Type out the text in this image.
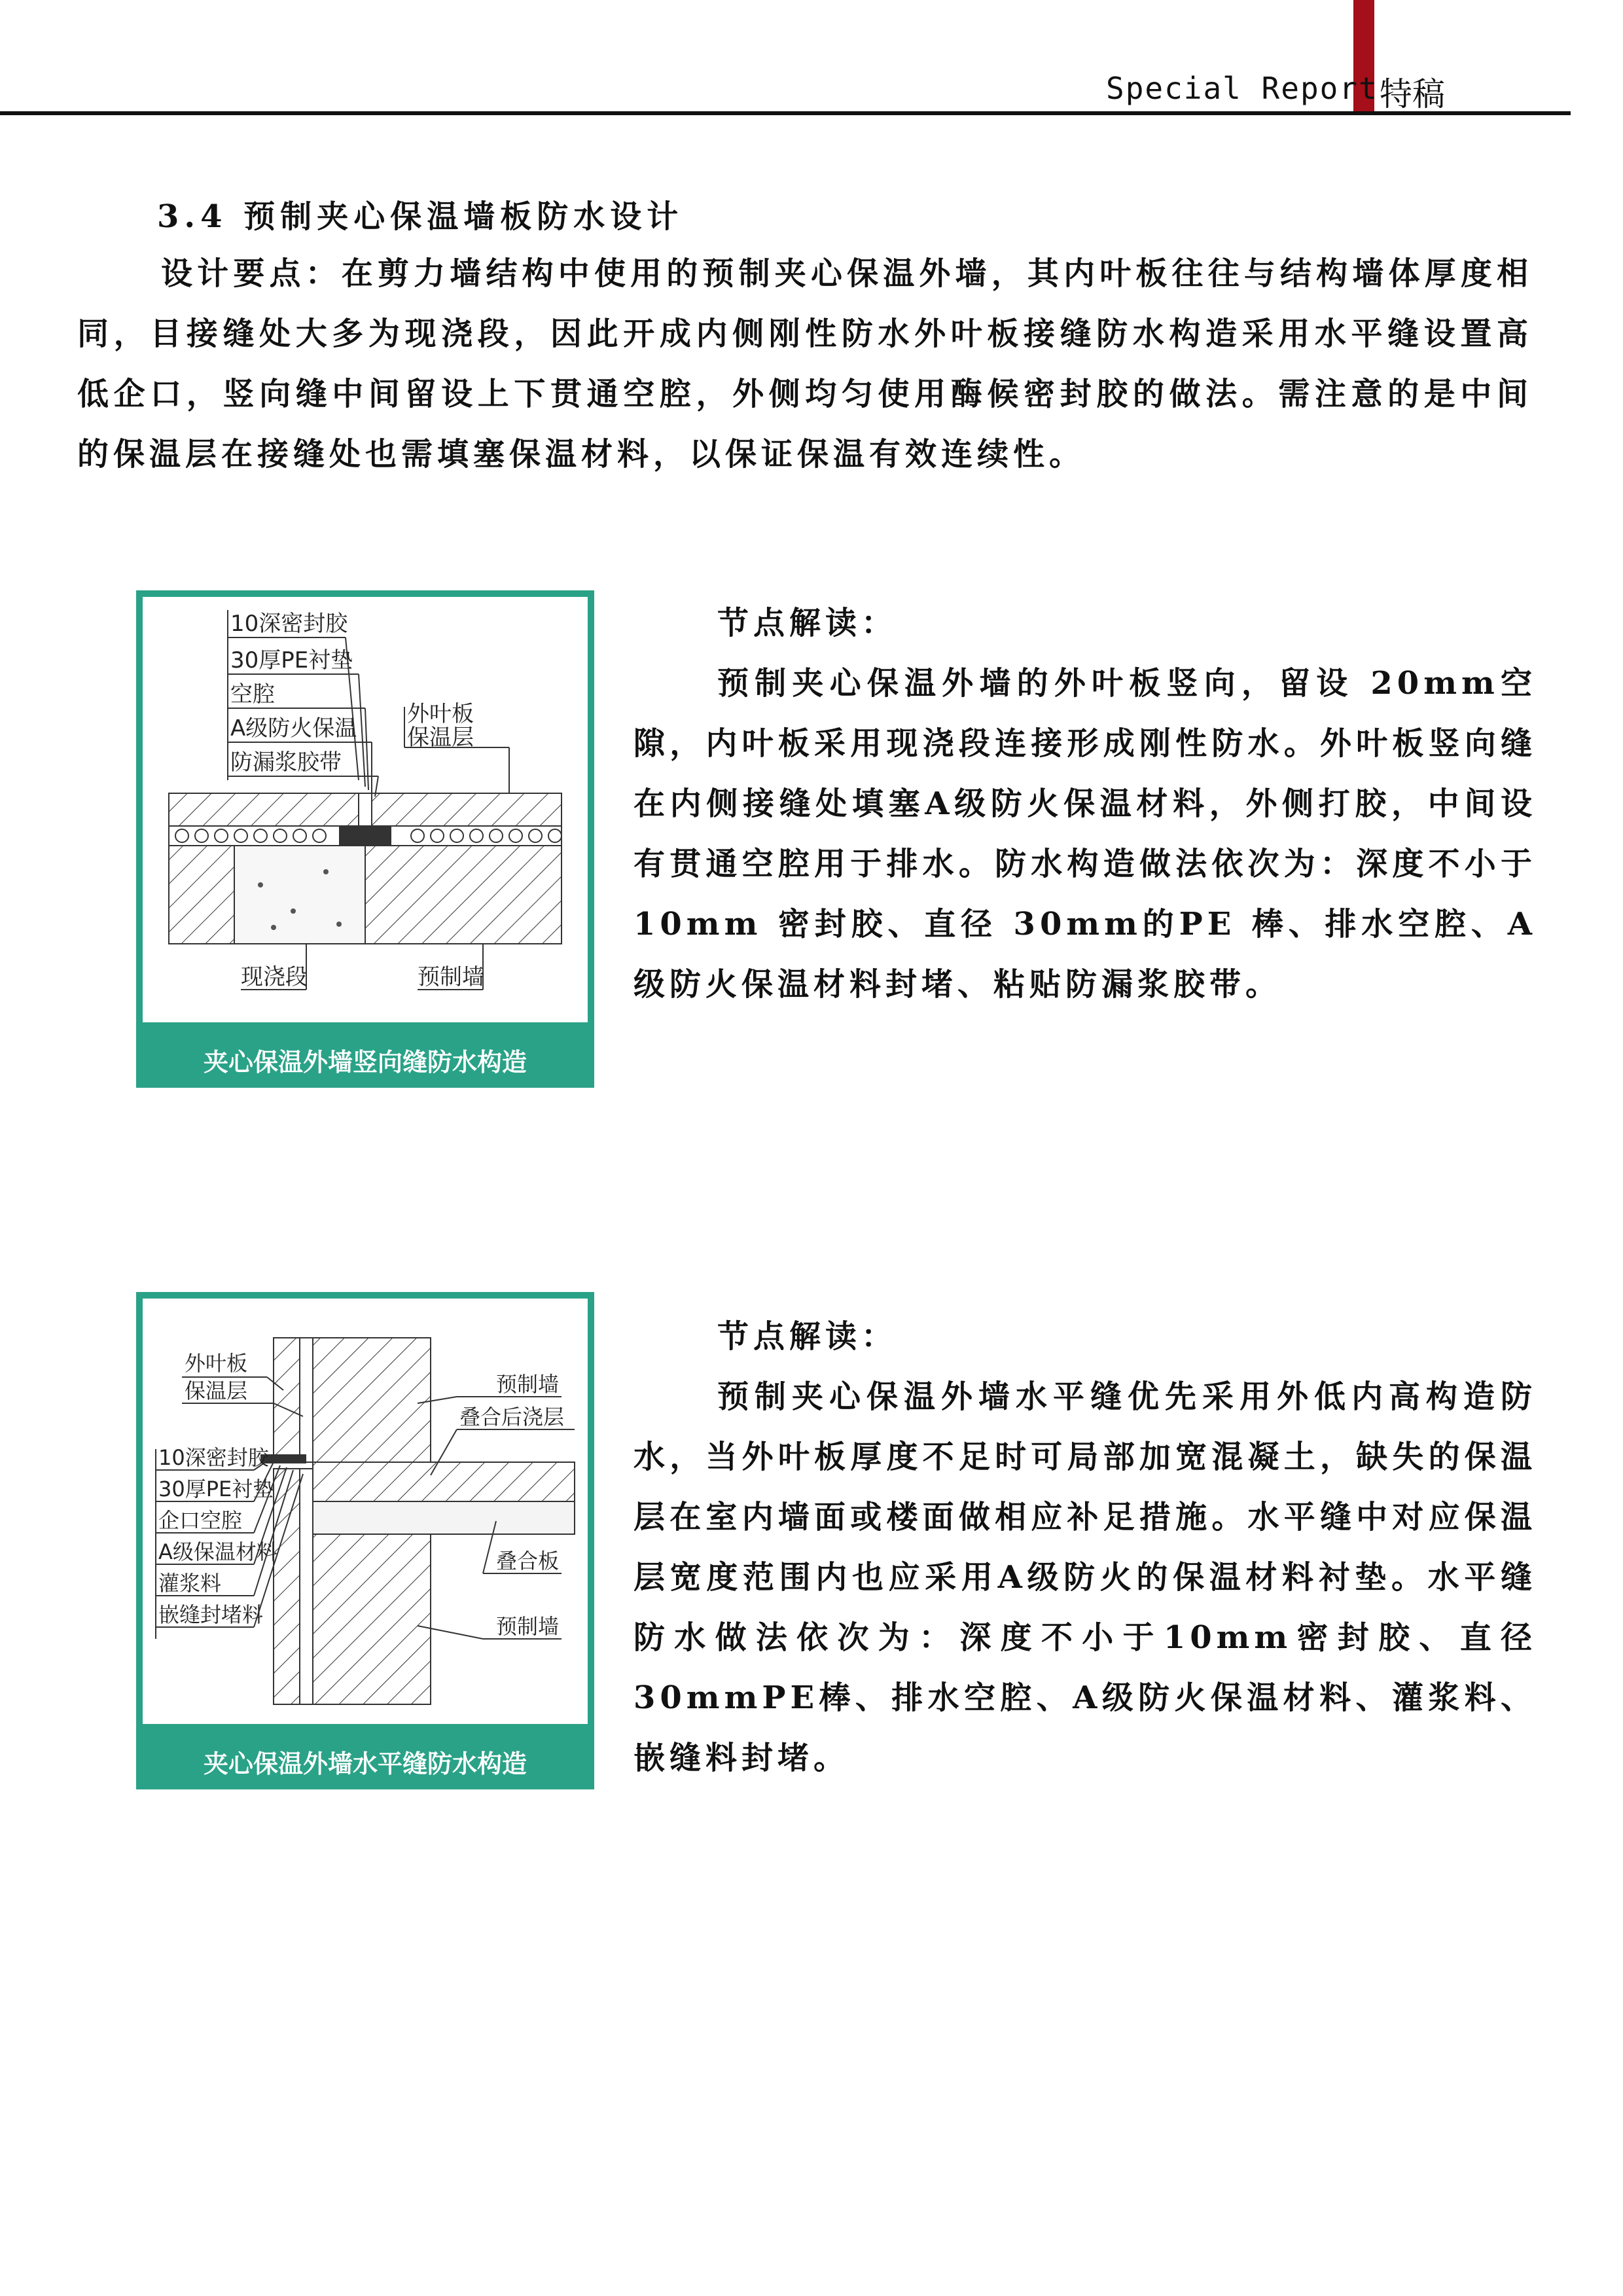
Special Report 特稿
3.4 预制夹心保温墙板防水设计

设计要点：在剪力墙结构中使用的预制夹心保温外墙，其内叶板往往与结构墙体厚度相同，目接缝处大多为现浇段，因此开成内侧刚性防水外叶板接缝防水构造采用水平缝设置高低企口，竖向缝中间留设上下贯通空腔，外侧均匀使用酶候密封胶的做法。需注意的是中间的保温层在接缝处也需填塞保温材料，以保证保温有效连续性。

10深密封胶
30厚PE衬垫
空腔
A级防火保温
防漏浆胶带
外叶板
保温层
现浇段	预制墙
夹心保温外墙竖向缝防水构造
节点解读：

预制夹心保温外墙的外叶板竖向，留设 20mm空隙，内叶板采用现浇段连接形成刚性防水。外叶板竖向缝在内侧接缝处填塞A级防火保温材料，外侧打胶，中间设有贯通空腔用于排水。防水构造做法依次为：深度不小于 10mm 密封胶、直径 30mm的PE 棒、排水空腔、A级防火保温材料封堵、粘贴防漏浆胶带。

外叶板
保温层
10深密封胶
30厚PE衬垫
企口空腔
A级保温材料
灌浆料
嵌缝封堵料
预制墙
叠合后浇层
叠合板
预制墙
夹心保温外墙水平缝防水构造
节点解读：

预制夹心保温外墙水平缝优先采用外低内高构造防水，当外叶板厚度不足时可局部加宽混凝土，缺失的保温层在室内墙面或楼面做相应补足措施。水平缝中对应保温层宽度范围内也应采用A级防火的保温材料衬垫。水平缝防水做法依次为：深度不小于10mm密封胶、直径30mmPE棒、排水空腔、A级防火保温材料、灌浆料、嵌缝料封堵。
